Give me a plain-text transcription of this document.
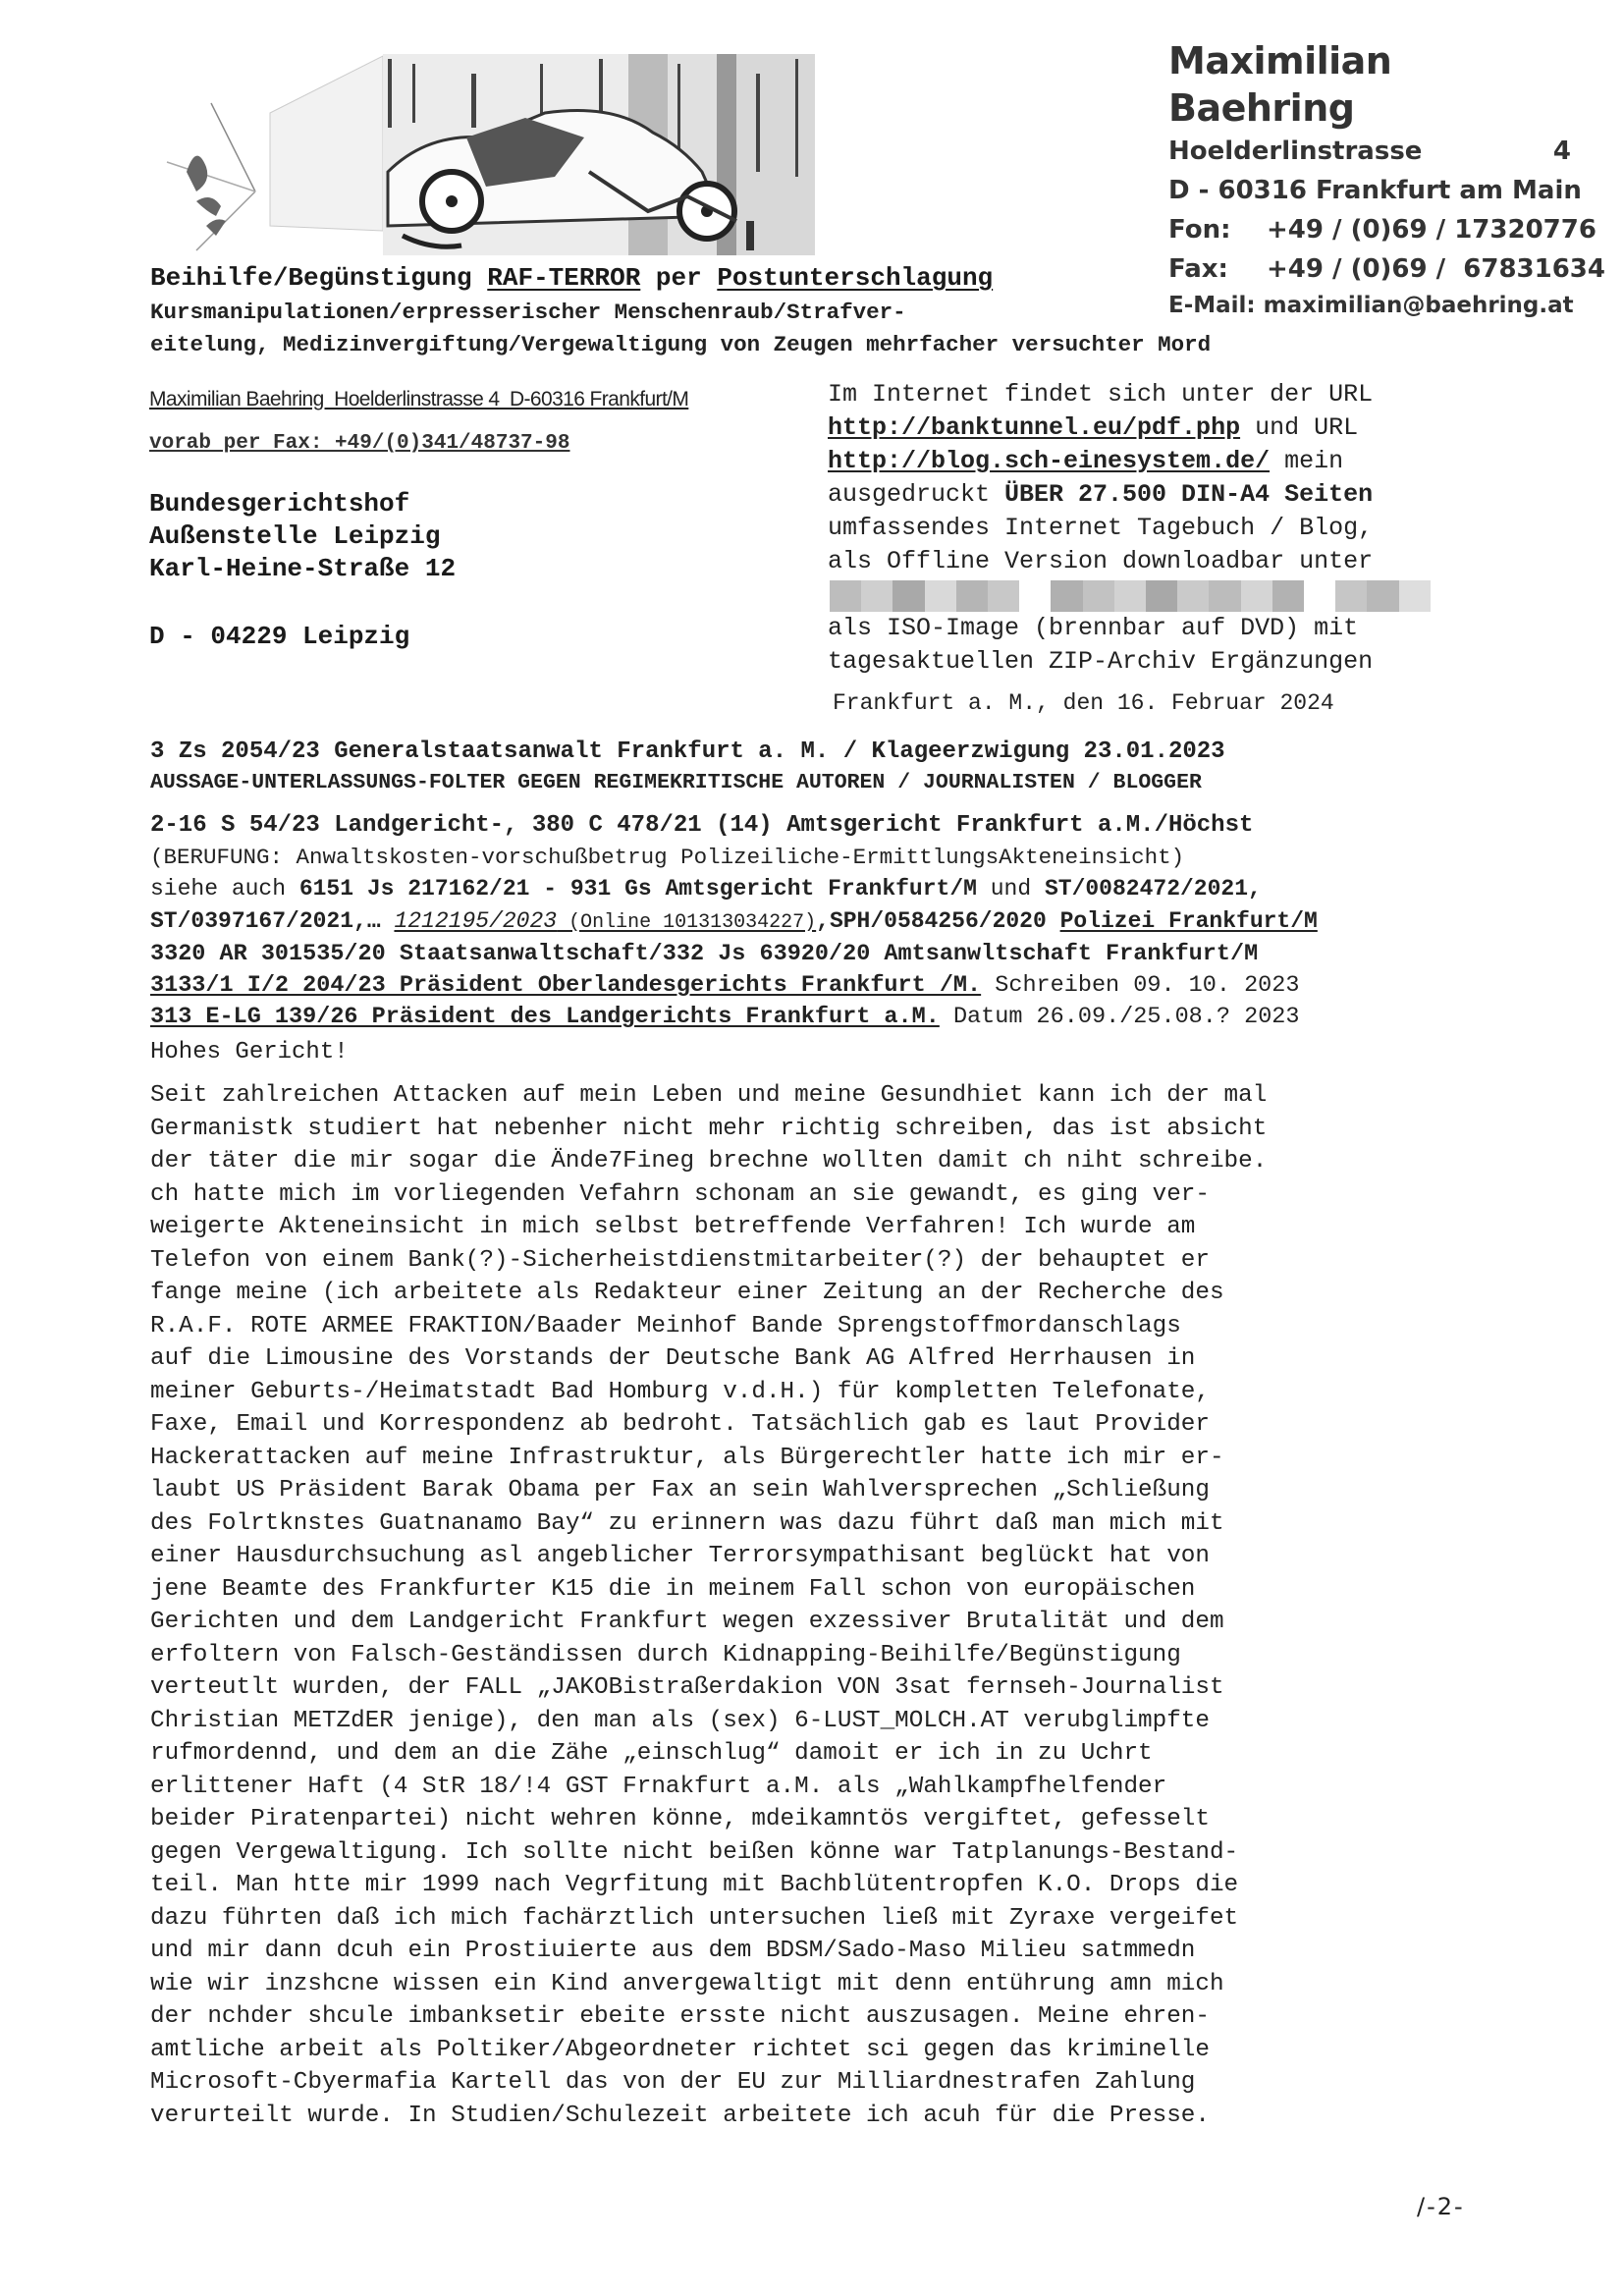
Maximilian Baehring
Hoelderlinstrasse	4
D - 60316 Frankfurt am Main
Fon: +49 / (0)69 / 17320776
Fax: +49 / (0)69 /  67831634
E-Mail: maximilian@baehring.at
Beihilfe/Begünstigung RAF-TERROR per Postunterschlagung
Kursmanipulationen/erpresserischer Menschenraub/Strafver-
eitelung, Medizinvergiftung/Vergewaltigung von Zeugen mehrfacher versuchter Mord
Maximilian Baehring  Hoelderlinstrasse 4  D-60316 Frankfurt/M
vorab per Fax: +49/(0)341/48737-98
Bundesgerichtshof
Außenstelle Leipzig
Karl-Heine-Straße 12
D - 04229 Leipzig
Im Internet findet sich unter der URL
http://banktunnel.eu/pdf.php und URL
http://blog.sch-einesystem.de/ mein
ausgedruckt ÜBER 27.500 DIN-A4 Seiten
umfassendes Internet Tagebuch / Blog,
als Offline Version downloadbar unter
als ISO-Image (brennbar auf DVD) mit
tagesaktuellen ZIP-Archiv Ergänzungen
Frankfurt a. M., den 16. Februar 2024
3 Zs 2054/23 Generalstaatsanwalt Frankfurt a. M. / Klageerzwigung 23.01.2023
AUSSAGE-UNTERLASSUNGS-FOLTER GEGEN REGIMEKRITISCHE AUTOREN / JOURNALISTEN / BLOGGER
2-16 S 54/23 Landgericht-, 380 C 478/21 (14) Amtsgericht Frankfurt a.M./Höchst
(BERUFUNG: Anwaltskosten-vorschußbetrug Polizeiliche-ErmittlungsAkteneinsicht)
siehe auch 6151 Js 217162/21 - 931 Gs Amtsgericht Frankfurt/M und ST/0082472/2021,
ST/0397167/2021,… 1212195/2023 (Online 101313034227),SPH/0584256/2020 Polizei Frankfurt/M
3320 AR 301535/20 Staatsanwaltschaft/332 Js 63920/20 Amtsanwltschaft Frankfurt/M
3133/1 I/2 204/23 Präsident Oberlandesgerichts Frankfurt /M. Schreiben 09. 10. 2023
313 E-LG 139/26 Präsident des Landgerichts Frankfurt a.M. Datum 26.09./25.08.? 2023
Hohes Gericht!
Seit zahlreichen Attacken auf mein Leben und meine Gesundhiet kann ich der mal
Germanistk studiert hat nebenher nicht mehr richtig schreiben, das ist absicht
der täter die mir sogar die Ände7Fineg brechne wollten damit ch niht schreibe.
ch hatte mich im vorliegenden Vefahrn schonam an sie gewandt, es ging ver-
weigerte Akteneinsicht in mich selbst betreffende Verfahren! Ich wurde am
Telefon von einem Bank(?)-Sicherheistdienstmitarbeiter(?) der behauptet er
fange meine (ich arbeitete als Redakteur einer Zeitung an der Recherche des
R.A.F. ROTE ARMEE FRAKTION/Baader Meinhof Bande Sprengstoffmordanschlags
auf die Limousine des Vorstands der Deutsche Bank AG Alfred Herrhausen in
meiner Geburts-/Heimatstadt Bad Homburg v.d.H.) für kompletten Telefonate,
Faxe, Email und Korrespondenz ab bedroht. Tatsächlich gab es laut Provider
Hackerattacken auf meine Infrastruktur, als Bürgerechtler hatte ich mir er-
laubt US Präsident Barak Obama per Fax an sein Wahlversprechen „Schließung
des Folrtknstes Guatnanamo Bay“ zu erinnern was dazu führt daß man mich mit
einer Hausdurchsuchung asl angeblicher Terrorsympathisant beglückt hat von
jene Beamte des Frankfurter K15 die in meinem Fall schon von europäischen
Gerichten und dem Landgericht Frankfurt wegen exzessiver Brutalität und dem
erfoltern von Falsch-Geständissen durch Kidnapping-Beihilfe/Begünstigung
verteutlt wurden, der FALL „JAKOBistraßerdakion VON 3sat fernseh-Journalist
Christian METZdER jenige), den man als (sex) 6-LUST_MOLCH.AT verubglimpfte
rufmordennd, und dem an die Zähe „einschlug“ damoit er ich in zu Uchrt
erlittener Haft (4 StR 18/!4 GST Frnakfurt a.M. als „Wahlkampfhelfender
beider Piratenpartei) nicht wehren könne, mdeikamntös vergiftet, gefesselt
gegen Vergewaltigung. Ich sollte nicht beißen könne war Tatplanungs-Bestand-
teil. Man htte mir 1999 nach Vegrfitung mit Bachblütentropfen K.O. Drops die
dazu führten daß ich mich fachärztlich untersuchen ließ mit Zyraxe vergeifet
und mir dann dcuh ein Prostiuierte aus dem BDSM/Sado-Maso Milieu satmmedn
wie wir inzshcne wissen ein Kind anvergewaltigt mit denn entührung amn mich
der nchder shcule imbanksetir ebeite ersste nicht auszusagen. Meine ehren-
amtliche arbeit als Poltiker/Abgeordneter richtet sci gegen das kriminelle
Microsoft-Cbyermafia Kartell das von der EU zur Milliardnestrafen Zahlung
verurteilt wurde. In Studien/Schulezeit arbeitete ich acuh für die Presse.
/-2-
